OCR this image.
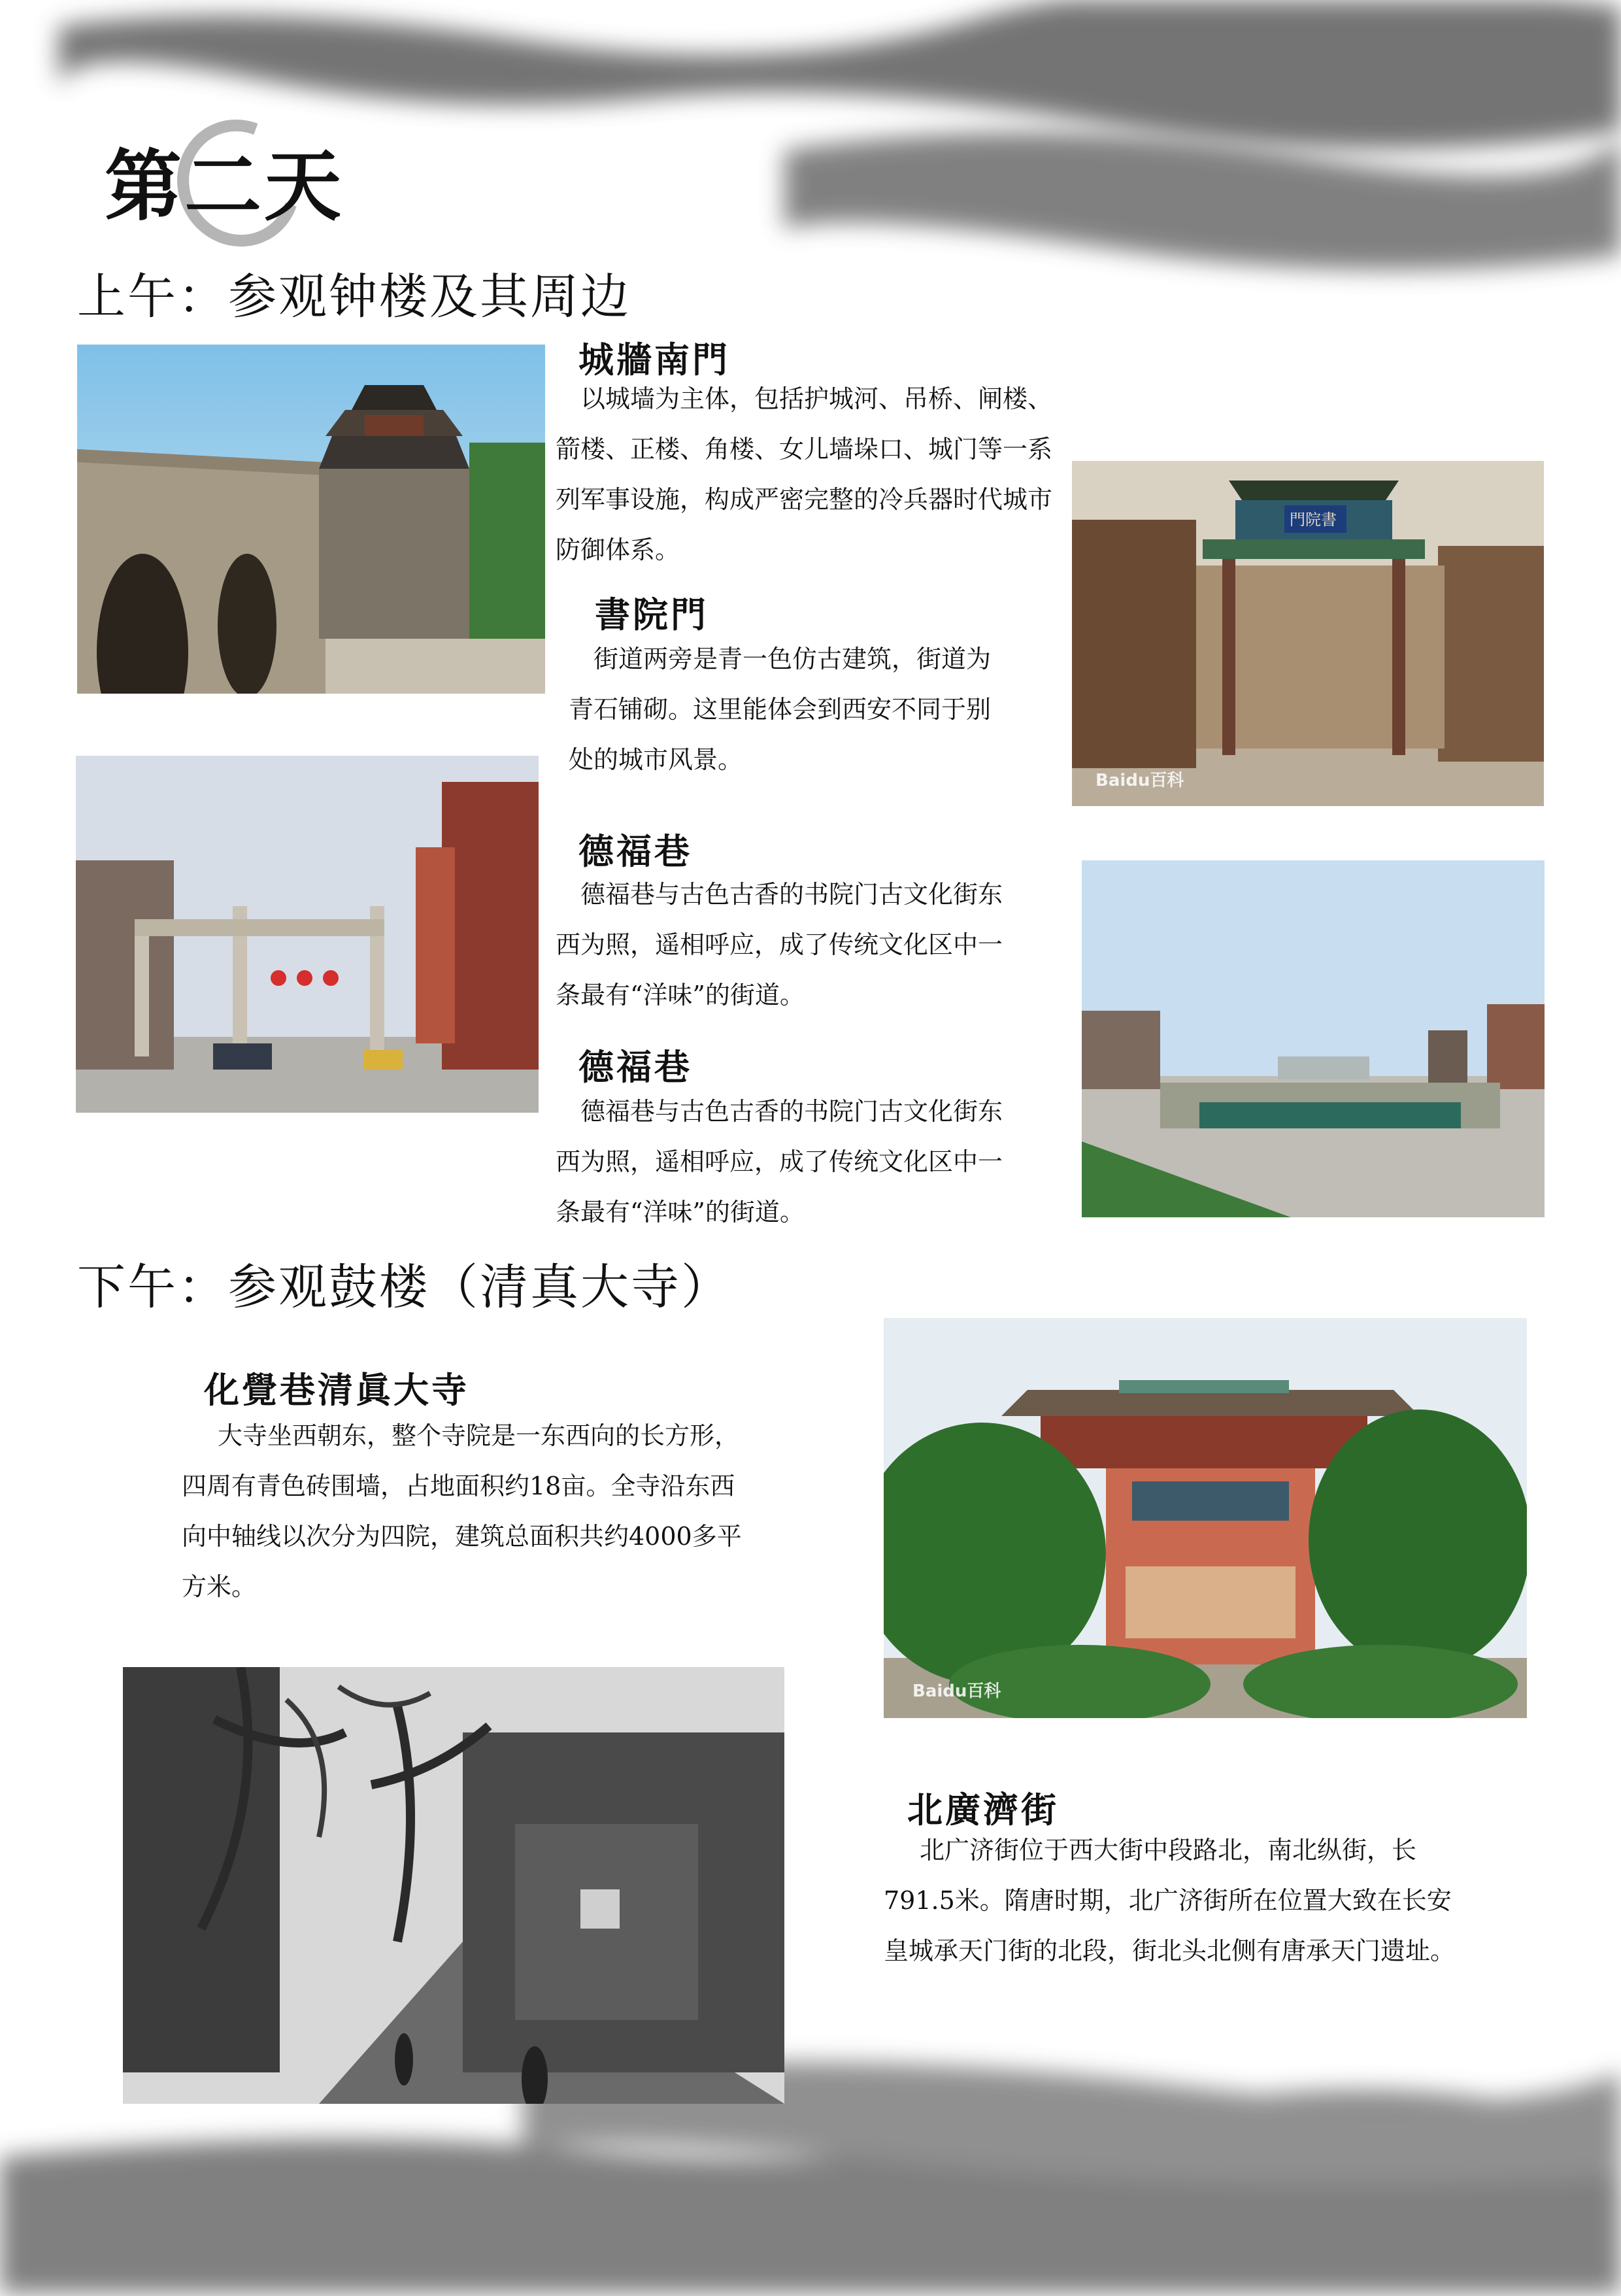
第二天
上午：参观钟楼及其周边
城牆南門
以城墙为主体，包括护城河、吊桥、闸楼、箭楼、正楼、角楼、女儿墙垛口、城门等一系列军事设施，构成严密完整的冷兵器时代城市防御体系。
Baidu百科
門院書
書院門
街道两旁是青一色仿古建筑，街道为青石铺砌。这里能体会到西安不同于别处的城市风景。
德福巷
德福巷与古色古香的书院门古文化街东西为照，遥相呼应，成了传统文化区中一条最有“洋味”的街道。
德福巷
德福巷与古色古香的书院门古文化街东西为照，遥相呼应，成了传统文化区中一条最有“洋味”的街道。
下午：参观鼓楼（清真大寺）
化覺巷清眞大寺
大寺坐西朝东，整个寺院是一东西向的长方形，四周有青色砖围墙，占地面积约18亩。全寺沿东西向中轴线以次分为四院，建筑总面积共约4000多平方米。
Baidu百科
北廣濟街
北广济街位于西大街中段路北，南北纵街，长791.5米。隋唐时期，北广济街所在位置大致在长安皇城承天门街的北段，街北头北侧有唐承天门遗址。
